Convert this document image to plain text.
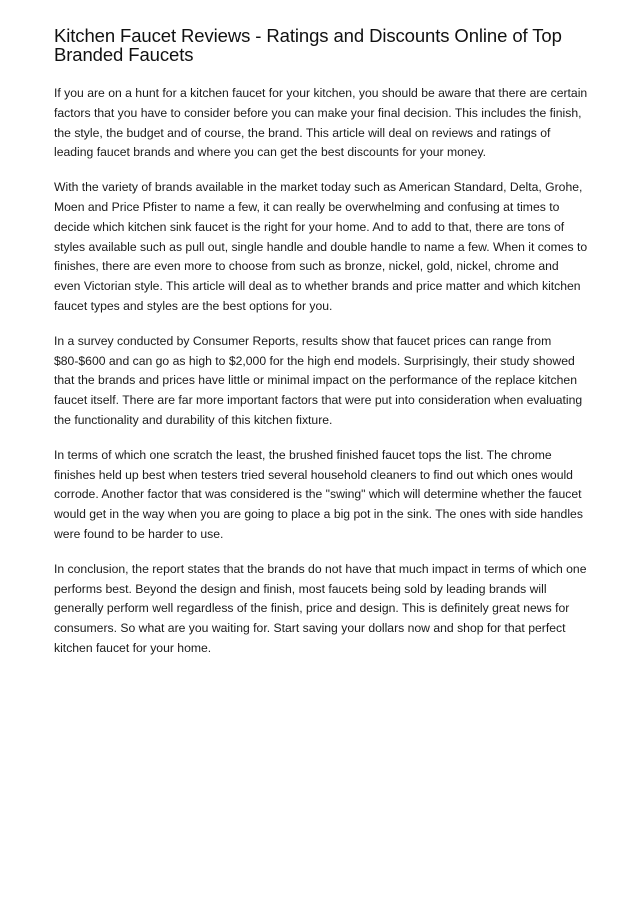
Kitchen Faucet Reviews - Ratings and Discounts Online of Top Branded Faucets

If you are on a hunt for a kitchen faucet for your kitchen, you should be aware that there are certain factors that you have to consider before you can make your final decision. This includes the finish, the style, the budget and of course, the brand. This article will deal on reviews and ratings of leading faucet brands and where you can get the best discounts for your money.

With the variety of brands available in the market today such as American Standard, Delta, Grohe, Moen and Price Pfister to name a few, it can really be overwhelming and confusing at times to decide which kitchen sink faucet is the right for your home. And to add to that, there are tons of styles available such as pull out, single handle and double handle to name a few. When it comes to finishes, there are even more to choose from such as bronze, nickel, gold, nickel, chrome and even Victorian style. This article will deal as to whether brands and price matter and which kitchen faucet types and styles are the best options for you.

In a survey conducted by Consumer Reports, results show that faucet prices can range from $80-$600 and can go as high to $2,000 for the high end models. Surprisingly, their study showed that the brands and prices have little or minimal impact on the performance of the replace kitchen faucet itself. There are far more important factors that were put into consideration when evaluating the functionality and durability of this kitchen fixture.

In terms of which one scratch the least, the brushed finished faucet tops the list. The chrome finishes held up best when testers tried several household cleaners to find out which ones would corrode. Another factor that was considered is the "swing" which will determine whether the faucet would get in the way when you are going to place a big pot in the sink. The ones with side handles were found to be harder to use.

In conclusion, the report states that the brands do not have that much impact in terms of which one performs best. Beyond the design and finish, most faucets being sold by leading brands will generally perform well regardless of the finish, price and design. This is definitely great news for consumers. So what are you waiting for. Start saving your dollars now and shop for that perfect kitchen faucet for your home.
